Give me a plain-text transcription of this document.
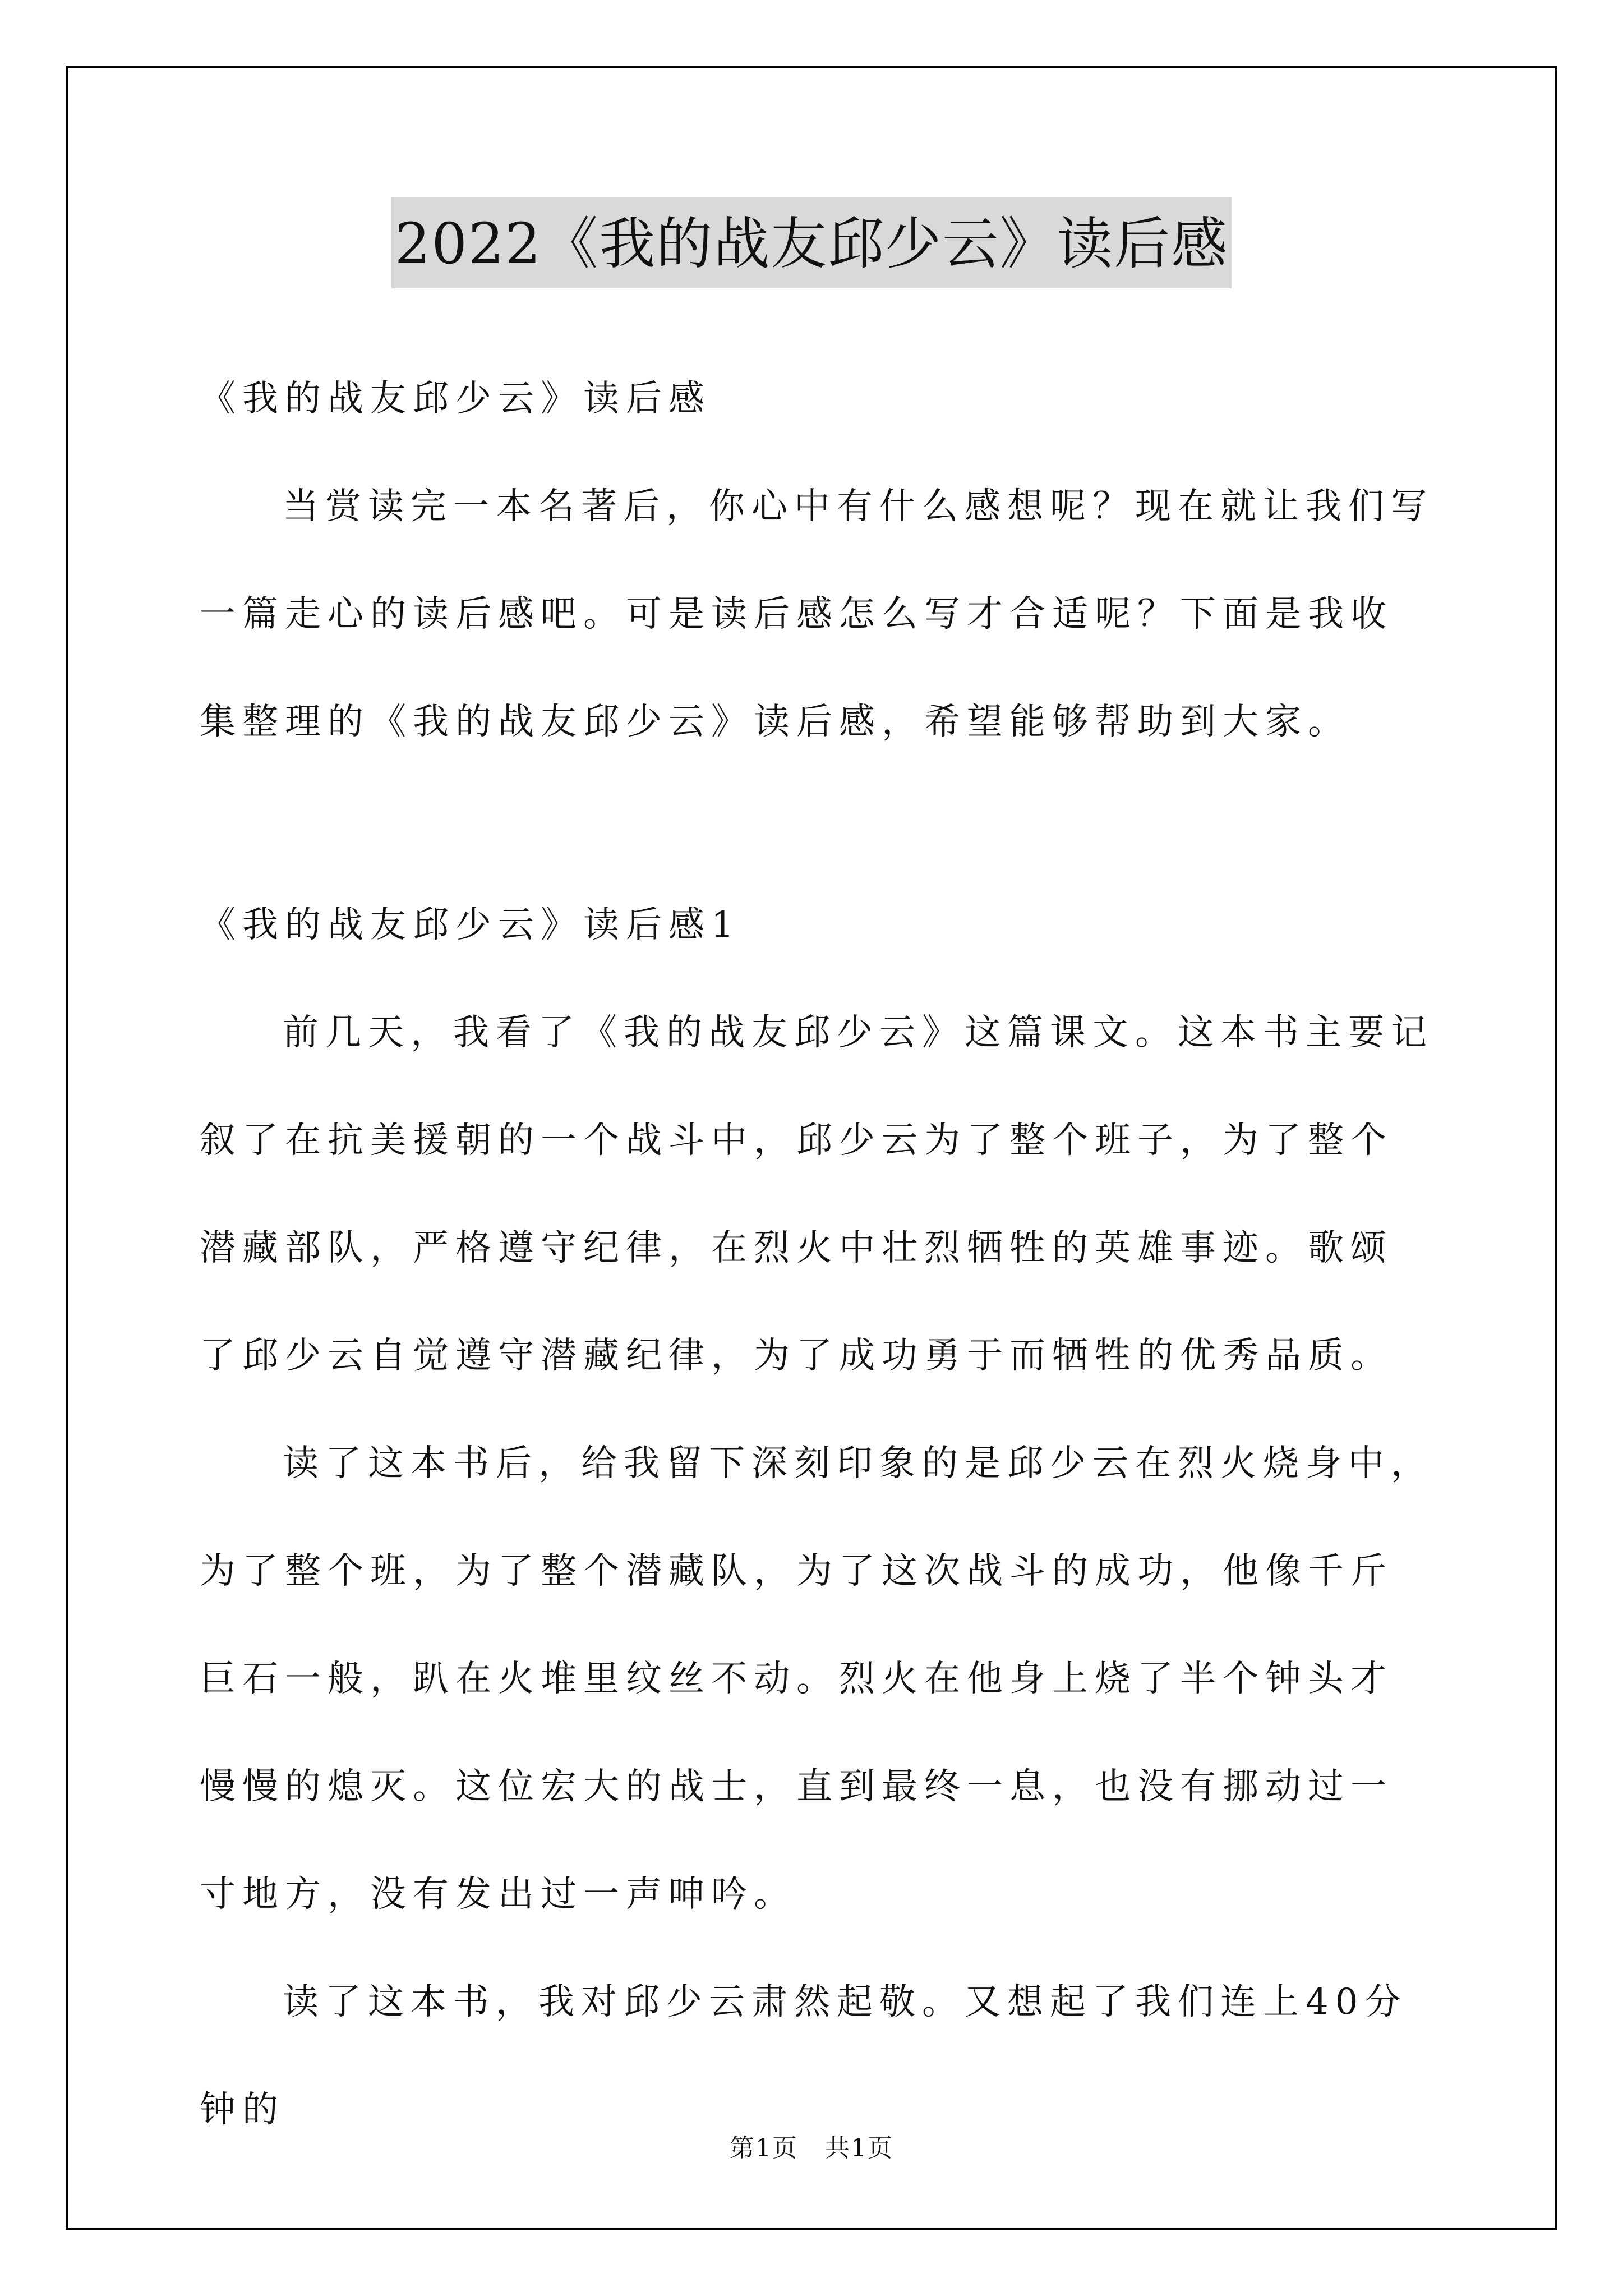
2022《我的战友邱少云》读后感

《我的战友邱少云》读后感

当赏读完一本名著后，你心中有什么感想呢？现在就让我们写一篇走心的读后感吧。可是读后感怎么写才合适呢？下面是我收集整理的《我的战友邱少云》读后感，希望能够帮助到大家。

《我的战友邱少云》读后感1

前几天，我看了《我的战友邱少云》这篇课文。这本书主要记叙了在抗美援朝的一个战斗中，邱少云为了整个班子，为了整个潜藏部队，严格遵守纪律，在烈火中壮烈牺牲的英雄事迹。歌颂了邱少云自觉遵守潜藏纪律，为了成功勇于而牺牲的优秀品质。

读了这本书后，给我留下深刻印象的是邱少云在烈火烧身中，为了整个班，为了整个潜藏队，为了这次战斗的成功，他像千斤巨石一般，趴在火堆里纹丝不动。烈火在他身上烧了半个钟头才慢慢的熄灭。这位宏大的战士，直到最终一息，也没有挪动过一寸地方，没有发出过一声呻吟。

读了这本书，我对邱少云肃然起敬。又想起了我们连上40分钟的

第1页 共1页
